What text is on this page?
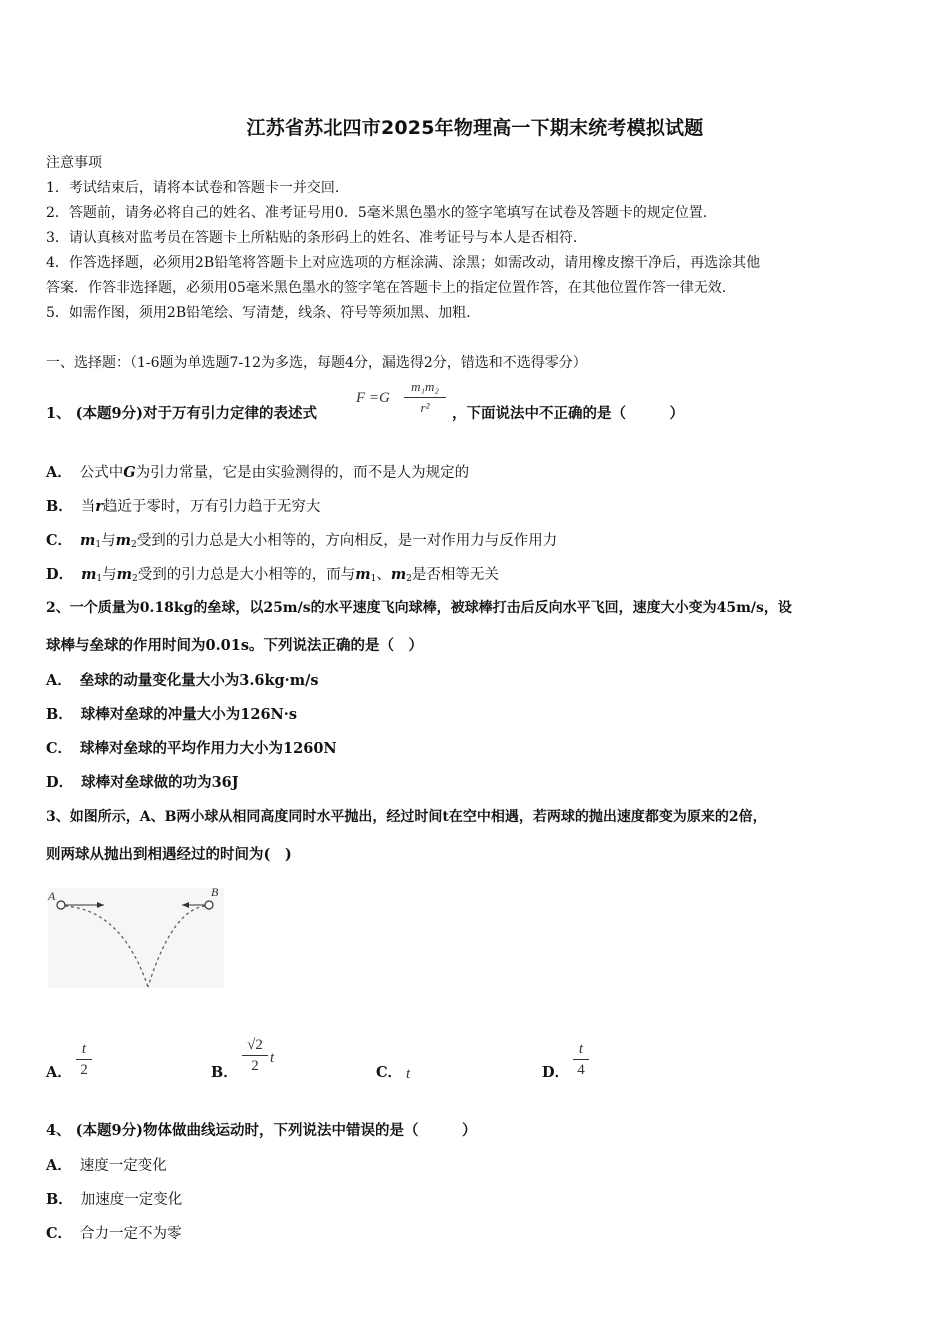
江苏省苏北四市2025年物理高一下期末统考模拟试题
注意事项
1．考试结束后，请将本试卷和答题卡一并交回.
2．答题前，请务必将自己的姓名、准考证号用0．5毫米黑色墨水的签字笔填写在试卷及答题卡的规定位置.
3．请认真核对监考员在答题卡上所粘贴的条形码上的姓名、准考证号与本人是否相符.
4．作答选择题，必须用2B铅笔将答题卡上对应选项的方框涂满、涂黑；如需改动，请用橡皮擦干净后，再选涂其他
答案．作答非选择题，必须用05毫米黑色墨水的签字笔在答题卡上的指定位置作答，在其他位置作答一律无效.
5．如需作图，须用2B铅笔绘、写清楚，线条、符号等须加黑、加粗.
一、选择题：（1-6题为单选题7-12为多选，每题4分，漏选得2分，错选和不选得零分）
1、 (本题9分)对于万有引力定律的表述式
F =G
m₁m₂
r²	，下面说法中不正确的是（　　　）
A． 公式中G为引力常量，它是由实验测得的，而不是人为规定的
B． 当r趋近于零时，万有引力趋于无穷大
C． $m_1$与$m_2$受到的引力总是大小相等的，方向相反，是一对作用力与反作用力
D． $m_1$与$m_2$受到的引力总是大小相等的，而与$m_1$、$m_2$是否相等无关
2、一个质量为0.18kg的垒球，以25m/s的水平速度飞向球棒，被球棒打击后反向水平飞回，速度大小变为45m/s，设
球棒与垒球的作用时间为0.01s。下列说法正确的是（　）
A． 垒球的动量变化量大小为3.6kg·m/s
B． 球棒对垒球的冲量大小为126N·s
C． 球棒对垒球的平均作用力大小为1260N
D． 球棒对垒球做的功为36J
3、如图所示，A、B两小球从相同高度同时水平抛出，经过时间t在空中相遇，若两球的抛出速度都变为原来的2倍，
则两球从抛出到相遇经过的时间为(　)
A	B
A．
t
2	B．
√2
2 t
C． t	D．
t
4
4、 (本题9分)物体做曲线运动时，下列说法中错误的是（　　　）
A． 速度一定变化
B． 加速度一定变化
C． 合力一定不为零
